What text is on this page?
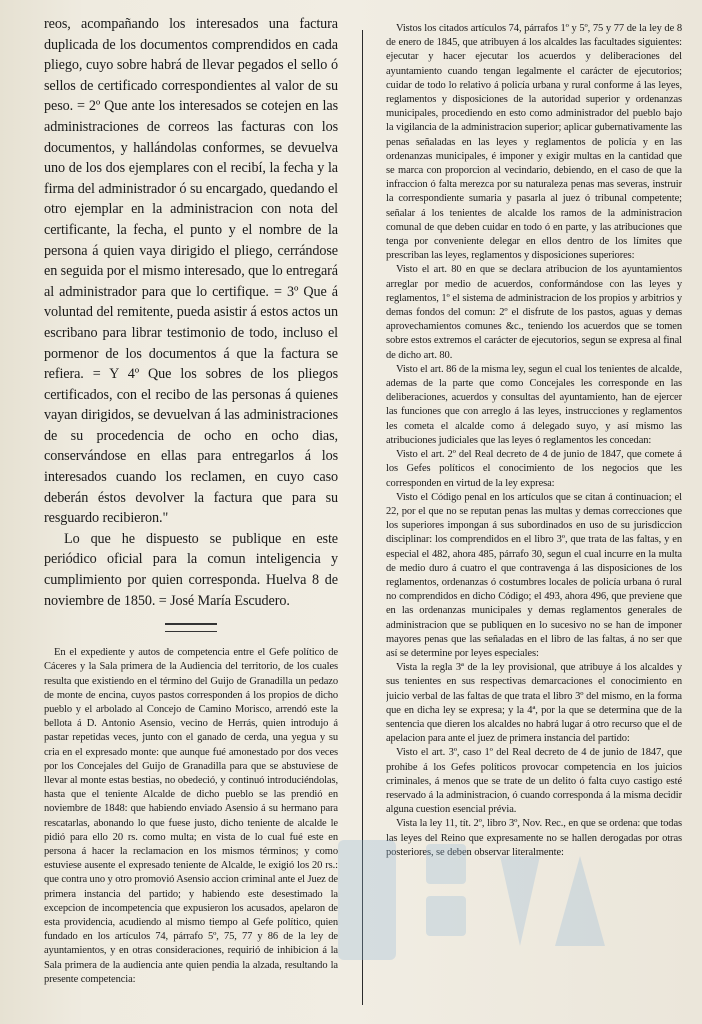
reos, acompañando los interesados una factura duplicada de los documentos comprendidos en cada pliego, cuyo sobre habrá de llevar pegados el sello ó sellos de certificado correspondientes al valor de su peso. = 2º Que ante los interesados se cotejen en las administraciones de correos las facturas con los documentos, y hallándolas conformes, se devuelva uno de los dos ejemplares con el recibí, la fecha y la firma del administrador ó su encargado, quedando el otro ejemplar en la administracion con nota del certificante, la fecha, el punto y el nombre de la persona á quien vaya dirigido el pliego, cerrándose en seguida por el mismo interesado, que lo entregará al administrador para que lo certifique. = 3º Que á voluntad del remitente, pueda asistir á estos actos un escribano para librar testimonio de todo, incluso el pormenor de los documentos á que la factura se refiera. = Y 4º Que los sobres de los pliegos certificados, con el recibo de las personas á quienes vayan dirigidos, se devuelvan á las administraciones de su procedencia de ocho en ocho dias, conservándose en ellas para entregarlos á los interesados cuando los reclamen, en cuyo caso deberán éstos devolver la factura que para su resguardo recibieron."

Lo que he dispuesto se publique en este periódico oficial para la comun inteligencia y cumplimiento por quien corresponda. Huelva 8 de noviembre de 1850. = José María Escudero.

En el expediente y autos de competencia entre el Gefe político de Cáceres y la Sala primera de la Audiencia del territorio, de los cuales resulta que existiendo en el término del Guijo de Granadilla un pedazo de monte de encina, cuyos pastos corresponden á los propios de dicho pueblo y el arbolado al Concejo de Camino Morisco, arrendó este la bellota á D. Antonio Asensio, vecino de Herrás, quien introdujo á pastar repetidas veces, junto con el ganado de cerda, una yegua y su cria en el expresado monte: que aunque fué amonestado por dos veces por los Concejales del Guijo de Granadilla para que se abstuviese de llevar al monte estas bestias, no obedeció, y continuó introduciéndolas, hasta que el teniente Alcalde de dicho pueblo se las prendió en noviembre de 1848: que habiendo enviado Asensio á su hermano para rescatarlas, abonando lo que fuese justo, dicho teniente de alcalde le pidió para ello 20 rs. como multa; en vista de lo cual fué este en persona á hacer la reclamacion en los mismos términos; y como estuviese ausente el expresado teniente de Alcalde, le exigió los 20 rs.: que contra uno y otro promovió Asensio accion criminal ante el Juez de primera instancia del partido; y habiendo este desestimado la excepcion de incompetencia que expusieron los acusados, apelaron de esta providencia, acudiendo al mismo tiempo al Gefe político, quien fundado en los artículos 74, párrafo 5º, 75, 77 y 86 de la ley de ayuntamientos, y en otras consideraciones, requirió de inhibicion á la Sala primera de la audiencia ante quien pendia la alzada, resultando la presente competencia:

Vistos los citados artículos 74, párrafos 1º y 5º, 75 y 77 de la ley de 8 de enero de 1845, que atribuyen á los alcaldes las facultades siguientes: ejecutar y hacer ejecutar los acuerdos y deliberaciones del ayuntamiento cuando tengan legalmente el carácter de ejecutorios; cuidar de todo lo relativo á policía urbana y rural conforme á las leyes, reglamentos y disposiciones de la autoridad superior y ordenanzas municipales, procediendo en esto como administrador del pueblo bajo la vigilancia de la administracion superior; aplicar gubernativamente las penas señaladas en las leyes y reglamentos de policía y en las ordenanzas municipales, é imponer y exigir multas en la cantidad que se marca con proporcion al vecindario, debiendo, en el caso de que la infraccion ó falta merezca por su naturaleza penas mas severas, instruir la correspondiente sumaria y pasarla al juez ó tribunal competente; señalar á los tenientes de alcalde los ramos de la administracion comunal de que deben cuidar en todo ó en parte, y las atribuciones que tenga por conveniente delegar en ellos dentro de los límites que prescriban las leyes, reglamentos y disposiciones superiores:

Visto el art. 80 en que se declara atribucion de los ayuntamientos arreglar por medio de acuerdos, conformándose con las leyes y reglamentos, 1º el sistema de administracion de los propios y arbitrios y demas fondos del comun: 2º el disfrute de los pastos, aguas y demas aprovechamientos comunes &c., teniendo los acuerdos que se tomen sobre estos extremos el carácter de ejecutorios, segun se expresa al final de dicho art. 80.

Visto el art. 86 de la misma ley, segun el cual los tenientes de alcalde, ademas de la parte que como Concejales les corresponde en las deliberaciones, acuerdos y consultas del ayuntamiento, han de ejercer las funciones que con arreglo á las leyes, instrucciones y reglamentos les cometa el alcalde como á delegado suyo, y así mismo las atribuciones judiciales que las leyes ó reglamentos les concedan:

Visto el art. 2º del Real decreto de 4 de junio de 1847, que comete á los Gefes políticos el conocimiento de los negocios que les corresponden en virtud de la ley expresa:

Visto el Código penal en los artículos que se citan á continuacion; el 22, por el que no se reputan penas las multas y demas correcciones que los superiores impongan á sus subordinados en uso de su jurisdiccion disciplinar: los comprendidos en el libro 3º, que trata de las faltas, y en especial el 482, ahora 485, párrafo 30, segun el cual incurre en la multa de medio duro á cuatro el que contravenga á las disposiciones de los reglamentos, ordenanzas ó costumbres locales de policía urbana ó rural no comprendidos en dicho Código; el 493, ahora 496, que previene que en las ordenanzas municipales y demas reglamentos generales de administracion que se publiquen en lo sucesivo no se han de imponer mayores penas que las señaladas en el libro de las faltas, á no ser que así se determine por leyes especiales:

Vista la regla 3ª de la ley provisional, que atribuye á los alcaldes y sus tenientes en sus respectivas demarcaciones el conocimiento en juicio verbal de las faltas de que trata el libro 3º del mismo, en la forma que en dicha ley se expresa; y la 4ª, por la que se determina que de la sentencia que dieren los alcaldes no habrá lugar á otro recurso que el de apelacion para ante el juez de primera instancia del partido:

Visto el art. 3º, caso 1º del Real decreto de 4 de junio de 1847, que prohibe á los Gefes políticos provocar competencia en los juicios criminales, á menos que se trate de un delito ó falta cuyo castigo esté reservado á la administracion, ó cuando corresponda á la misma decidir alguna cuestion esencial prévia.

Vista la ley 11, tít. 2º, libro 3º, Nov. Rec., en que se ordena: que todas las leyes del Reino que expresamente no se hallen derogadas por otras posteriores, se deben observar literalmente:
